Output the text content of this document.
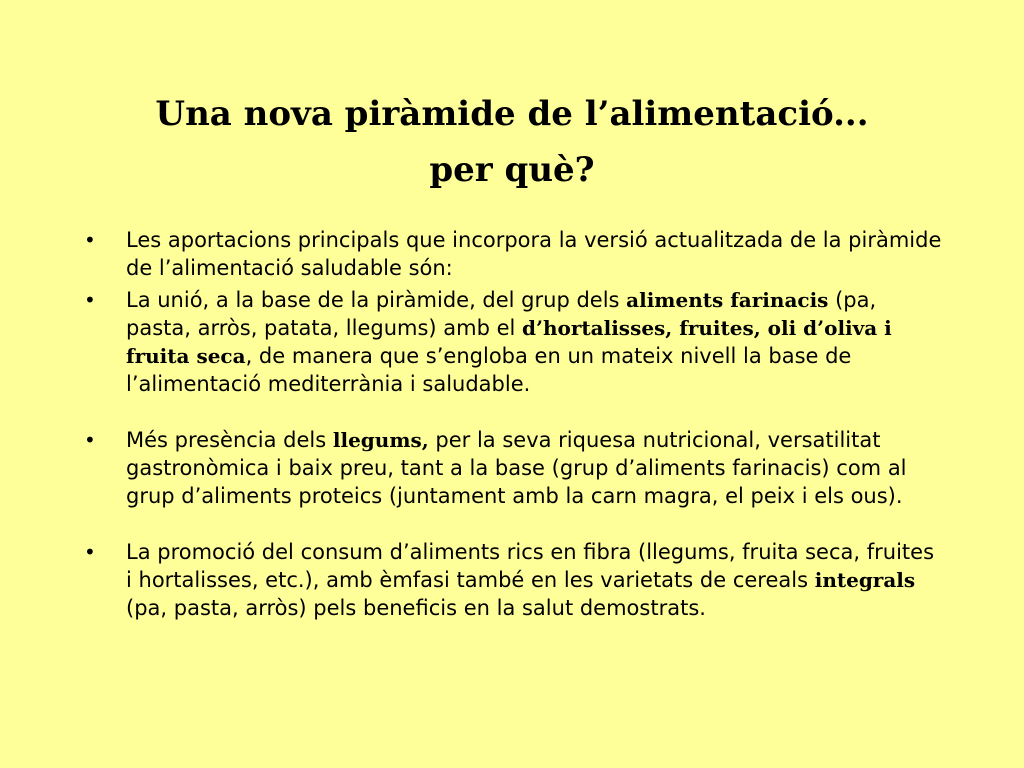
Una nova piràmide de l’alimentació...
per què?
• Les aportacions principals que incorpora la versió actualitzada de la piràmide de l’alimentació saludable són:
• La unió, a la base de la piràmide, del grup dels aliments farinacis (pa, pasta, arròs, patata, llegums) amb el d’hortalisses, fruites, oli d’oliva i fruita seca, de manera que s’engloba en un mateix nivell la base de l’alimentació mediterrània i saludable.
• Més presència dels llegums, per la seva riquesa nutricional, versatilitat gastronòmica i baix preu, tant a la base (grup d’aliments farinacis) com al grup d’aliments proteics (juntament amb la carn magra, el peix i els ous).
• La promoció del consum d’aliments rics en fibra (llegums, fruita seca, fruites i hortalisses, etc.), amb èmfasi també en les varietats de cereals integrals (pa, pasta, arròs) pels beneficis en la salut demostrats.
